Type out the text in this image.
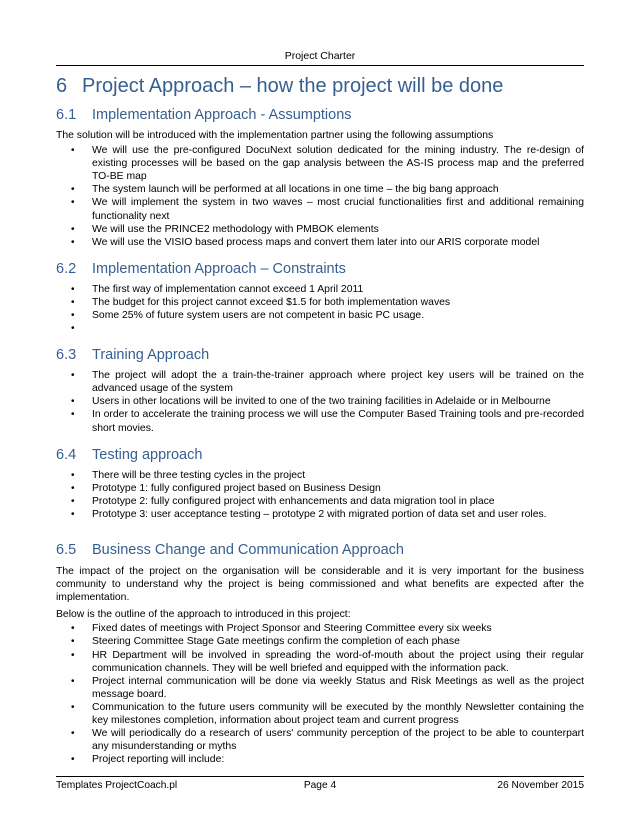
Project Charter
6 Project Approach – how the project will be done
6.1 Implementation Approach - Assumptions

The solution will be introduced with the implementation partner using the following assumptions

• We will use the pre-configured DocuNext solution dedicated for the mining industry. The re-design of existing processes will be based on the gap analysis between the AS-IS process map and the preferred TO-BE map
• The system launch will be performed at all locations in one time – the big bang approach
• We will implement the system in two waves – most crucial functionalities first and additional remaining functionality next
• We will use the PRINCE2 methodology with PMBOK elements
• We will use the VISIO based process maps and convert them later into our ARIS corporate model
6.2 Implementation Approach – Constraints
• The first way of implementation cannot exceed 1 April 2011
• The budget for this project cannot exceed $1.5 for both implementation waves
• Some 25% of future system users are not competent in basic PC usage.
•
6.3 Training Approach
• The project will adopt the a train-the-trainer approach where project key users will be trained on the advanced usage of the system
• Users in other locations will be invited to one of the two training facilities in Adelaide or in Melbourne
• In order to accelerate the training process we will use the Computer Based Training tools and pre-recorded short movies.
6.4 Testing approach
• There will be three testing cycles in the project
• Prototype 1: fully configured project based on Business Design
• Prototype 2: fully configured project with enhancements and data migration tool in place
• Prototype 3: user acceptance testing – prototype 2 with migrated portion of data set and user roles.
6.5 Business Change and Communication Approach

The impact of the project on the organisation will be considerable and it is very important for the business community to understand why the project is being commissioned and what benefits are expected after the implementation.

Below is the outline of the approach to introduced in this project:

• Fixed dates of meetings with Project Sponsor and Steering Committee every six weeks
• Steering Committee Stage Gate meetings confirm the completion of each phase
• HR Department will be involved in spreading the word-of-mouth about the project using their regular communication channels. They will be well briefed and equipped with the information pack.
• Project internal communication will be done via weekly Status and Risk Meetings as well as the project message board.
• Communication to the future users community will be executed by the monthly Newsletter containing the key milestones completion, information about project team and current progress
• We will periodically do a research of users' community perception of the project to be able to counterpart any misunderstanding or myths
• Project reporting will include:
Templates ProjectCoach.pl	Page 4	26 November 2015
